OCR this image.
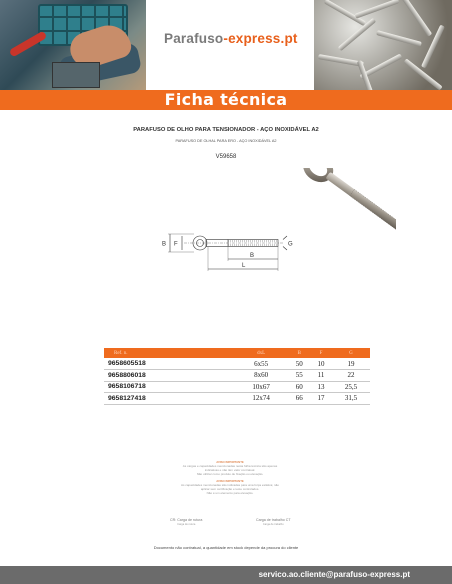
Parafuso-express.pt
Ficha técnica
PARAFUSO DE OLHO PARA TENSIONADOR - AÇO INOXIDÁVEL A2
PARAFUSO DE OLHAL PARA ERO - AÇO INOXIDÁVEL A2
V59658
B F	G
B
L
Ref. n.	dxL	B	F	G
9658605518	6x55	50	10	19
9658806018	8x60	55	11	22
9658106718	10x67	60	13	25,5
9658127418	12x74	66	17	31,5
AVISO IMPORTANTE
As cargas e capacidades mencionadas nesta folha técnica são apenas
indicativas e não têm valor contratual.
Não utilizar como produto de fixação ou elevação.
AVISO IMPORTANTE
As capacidades mencionadas são indicadas para uma força estática; não
aplicar sem certificação e teste controlados.
Não é um elemento para elevação.
CR: Carga de rutura
Carga de rutura
Carga de trabalho CT
Carga de trabalho
Documento não contratual, a quantidade em stock depende da procura do cliente
servico.ao.cliente@parafuso-express.pt
